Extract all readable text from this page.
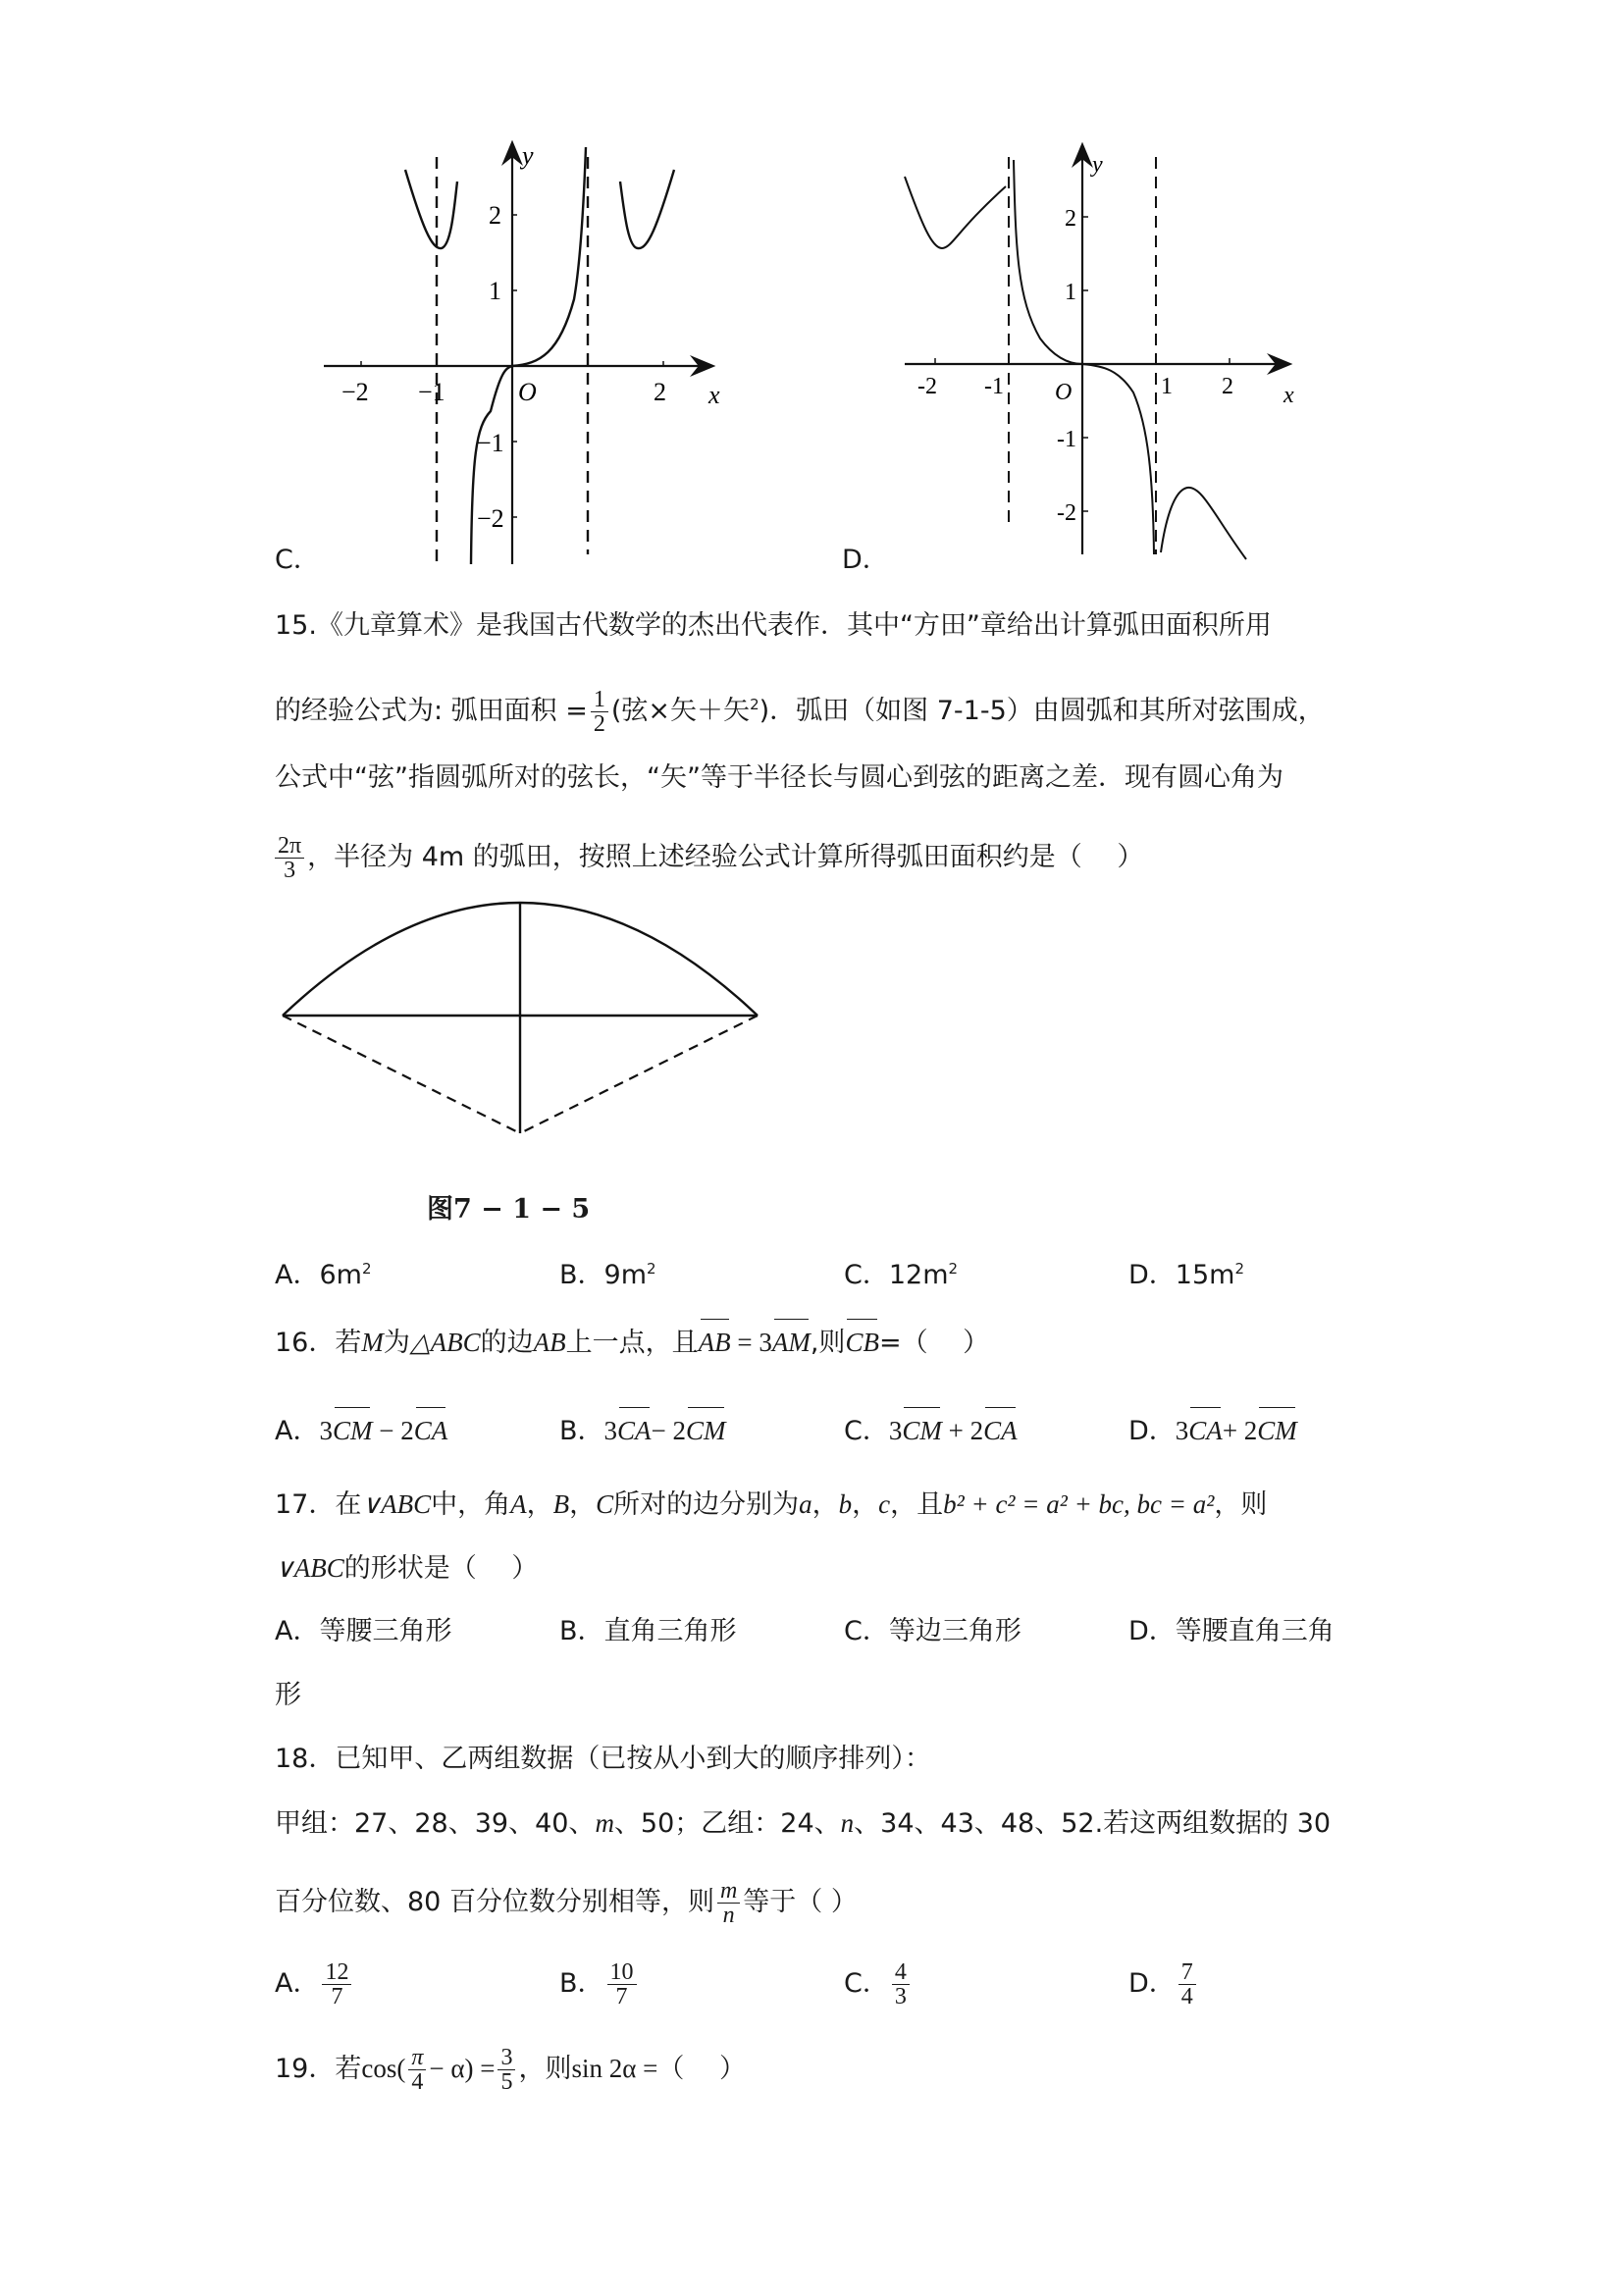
x
y
O
−2 −1	2
2
1
−1
−2
C．
x
y
O
-2 -1	1 2
2
1
-1
-2
D．
15.《九章算术》是我国古代数学的杰出代表作．其中“方田”章给出计算弧田面积所用
的经验公式为: 弧田面积 = $\frac{1}{2}$ (弦×矢＋矢$^2$)．弧田（如图 7-1-5）由圆弧和其所对弦围成，
公式中“弦”指圆弧所对的弦长，“矢”等于半径长与圆心到弦的距离之差．现有圆心角为
$\frac{2\pi}{3}$ ，半径为 4m 的弧田，按照上述经验公式计算所得弧田面积约是（　 ）
图7 − 1 − 5
A．$6m^2$	B．$9m^2$	C．$12m^2$	D．$15m^2$
16．若M为△ABC的边AB上一点，且AB = 3AM,则CB=（　 ）
A．3CM − 2CA	B．3CA− 2CM	C．3CM + 2CA	D．3CA+ 2CM
17．在∨ABC中，角A，B，C所对的边分别为a，b，c，且b² + c² = a² + bc, bc = a²，则
∨ABC的形状是（　 ）
A．等腰三角形	B．直角三角形	C．等边三角形	D．等腰直角三角
形
18．已知甲、乙两组数据（已按从小到大的顺序排列）：
甲组：27、28、39、40、m、50；乙组：24、n、34、43、48、52.若这两组数据的 30
百分位数、80 百分位数分别相等，则 $\frac{m}{n}$ 等于（ ）
A． $\frac{12}{7}$	B． $\frac{10}{7}$	C． $\frac{4}{3}$	D． $\frac{7}{4}$
19．若$\cos( \frac{\pi}{4} - \alpha) = \frac{3}{5}$ ，则sin 2α =（　 ）
